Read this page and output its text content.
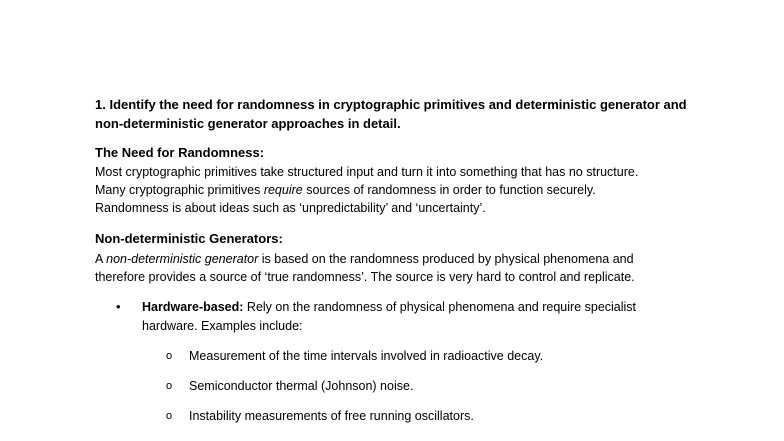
1. Identify the need for randomness in cryptographic primitives and deterministic generator and
non-deterministic generator approaches in detail.
The Need for Randomness:
Most cryptographic primitives take structured input and turn it into something that has no structure.
Many cryptographic primitives require sources of randomness in order to function securely.
Randomness is about ideas such as ‘unpredictability’ and ‘uncertainty’.
Non-deterministic Generators:
A non-deterministic generator is based on the randomness produced by physical phenomena and
therefore provides a source of ‘true randomness’. The source is very hard to control and replicate.
• Hardware-based: Rely on the randomness of physical phenomena and require specialist
hardware. Examples include:
o Measurement of the time intervals involved in radioactive decay.
o Semiconductor thermal (Johnson) noise.
o Instability measurements of free running oscillators.
